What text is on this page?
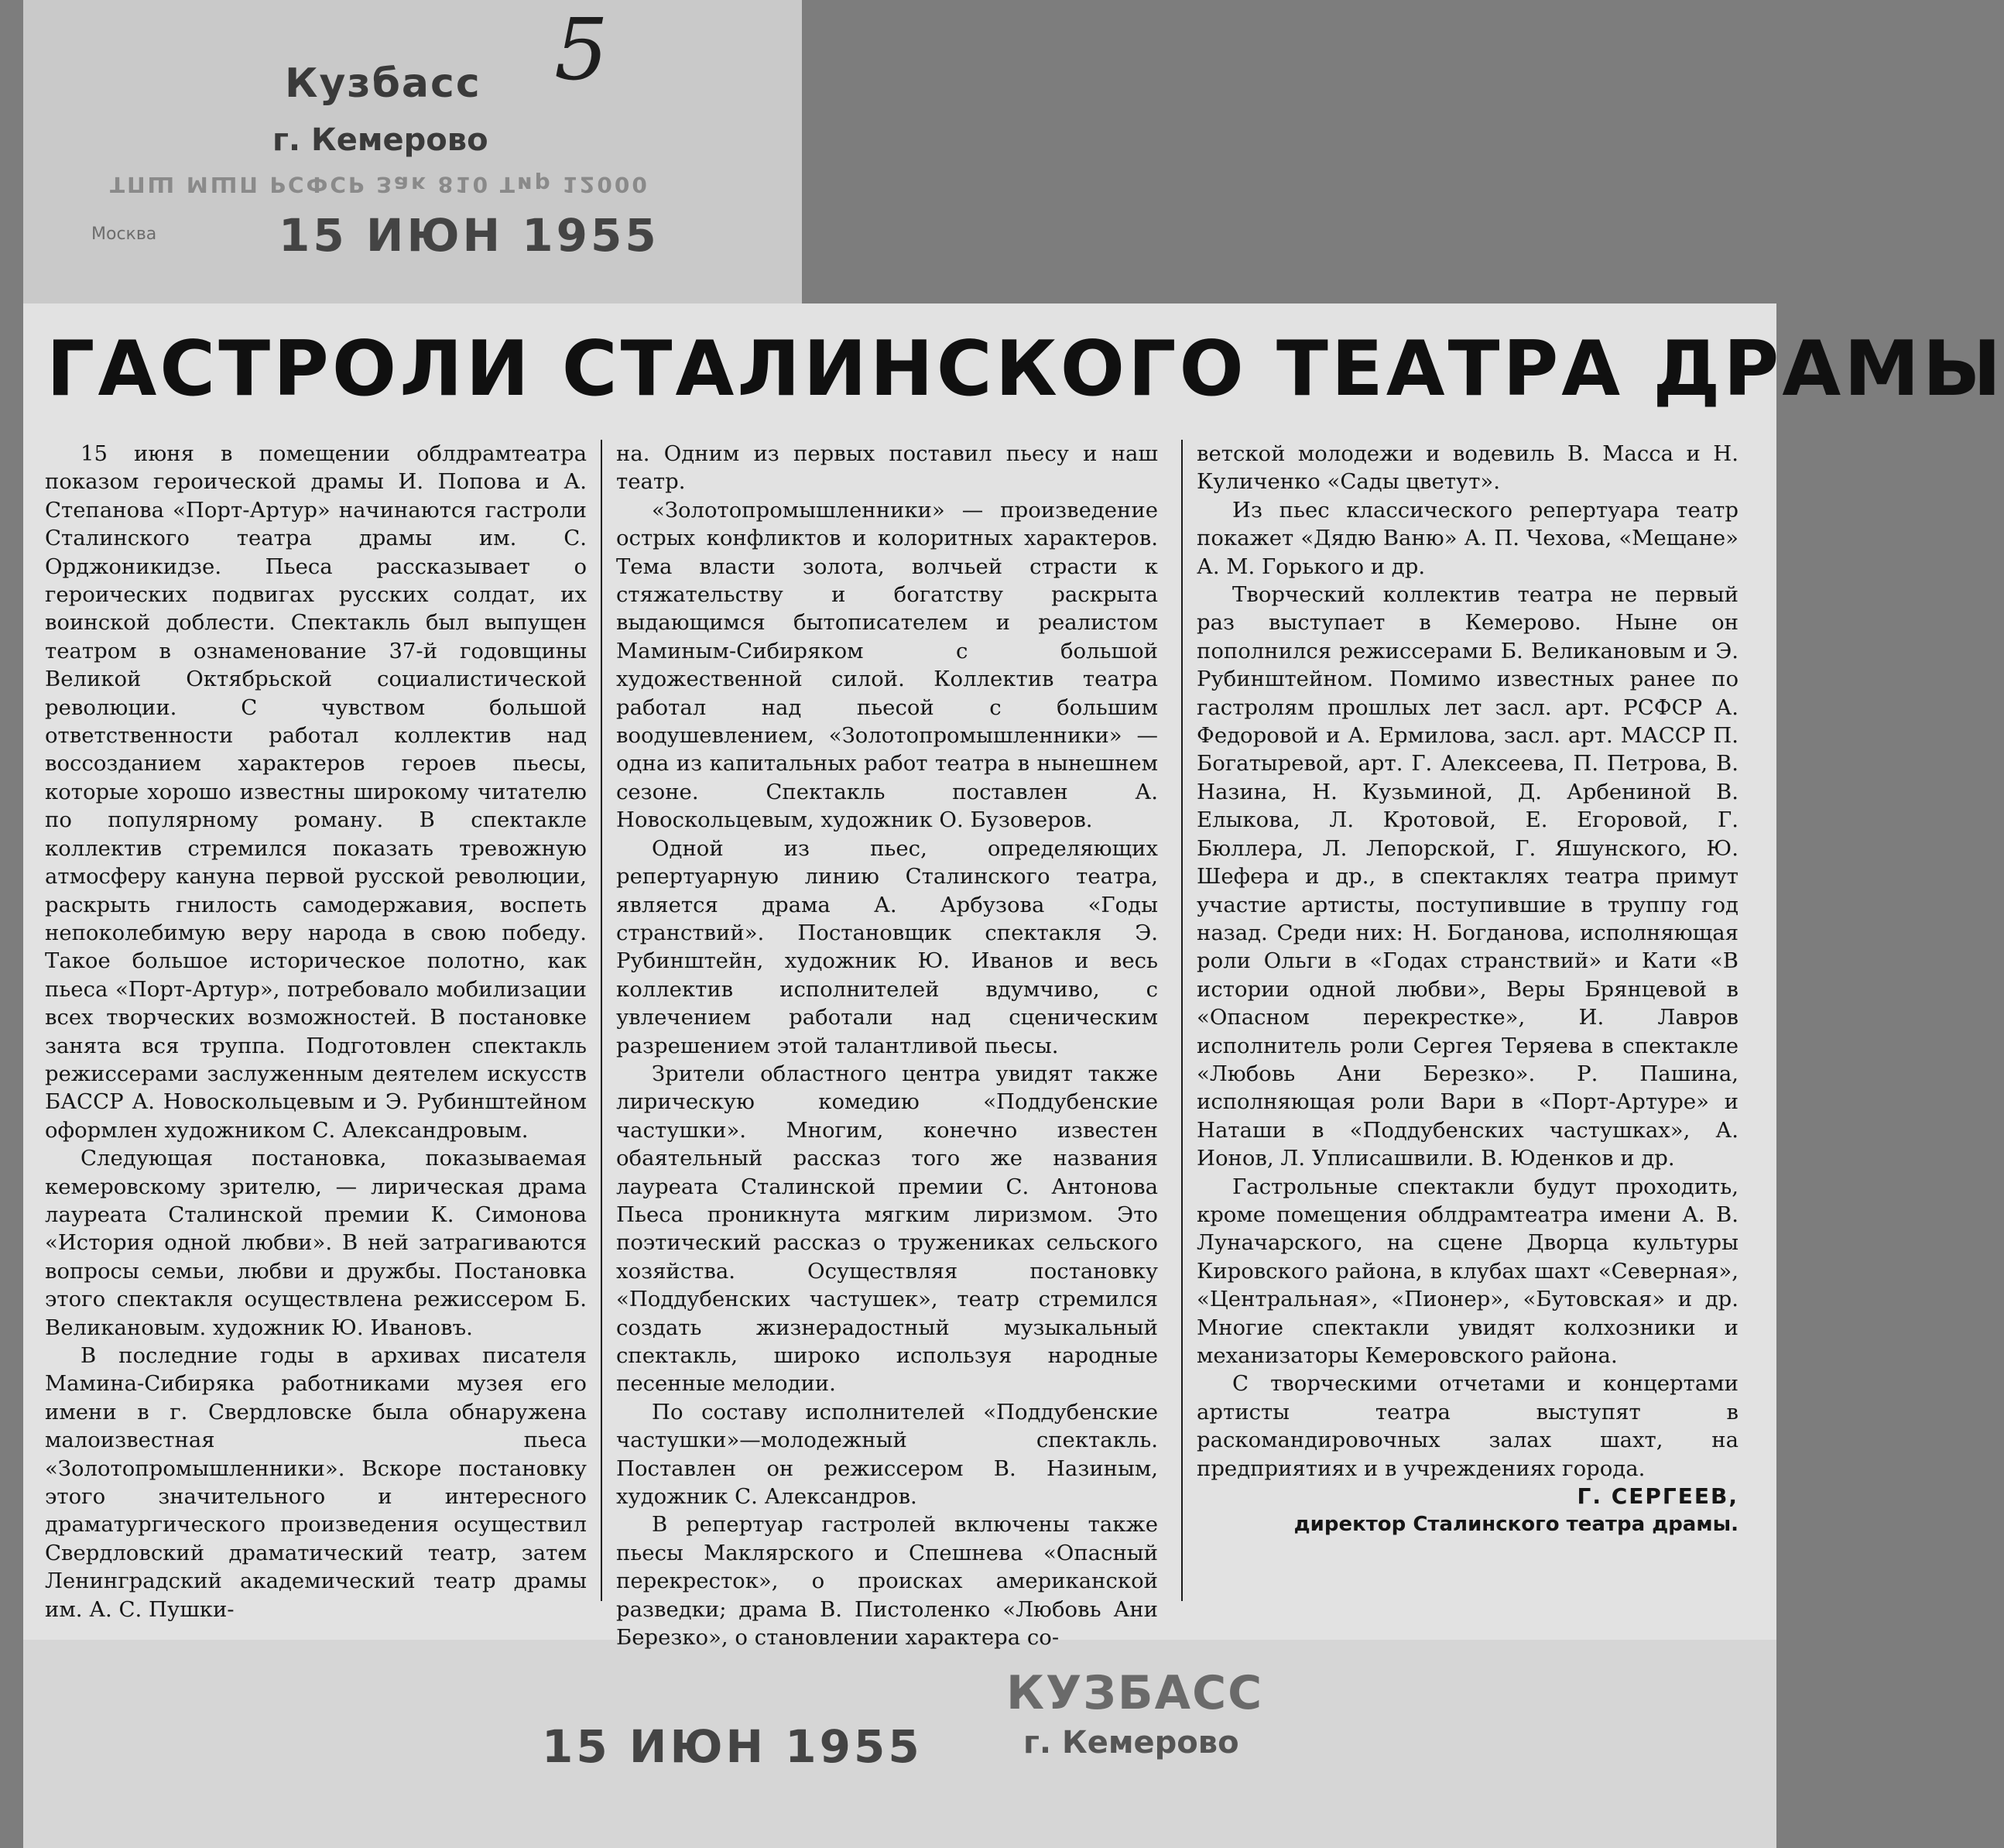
Кузбасс
г. Кемерово
5
ТПШ МШП РСФСР Зак 810 Тир 12000
Москва	15 ИЮН 1955
ГАСТРОЛИ СТАЛИНСКОГО ТЕАТРА ДРАМЫ

15 июня в помещении облдрамтеатра показом героической драмы И. Попова и А. Степанова «Порт-Артур» начинаются гастроли Сталинского театра драмы им. С. Орджоникидзе. Пьеса рассказывает о героических подвигах русских солдат, их воинской доблести. Спектакль был выпущен театром в ознаменование 37-й годовщины Великой Октябрьской социалистической революции. С чувством большой ответственности работал коллектив над воссозданием характеров героев пьесы, которые хорошо известны широкому читателю по популярному роману. В спектакле коллектив стремился показать тревожную атмосферу кануна первой русской революции, раскрыть гнилость самодержавия, воспеть непоколебимую веру народа в свою победу. Такое большое историческое полотно, как пьеса «Порт-Артур», потребовало мобилизации всех творческих возможностей. В постановке занята вся труппа. Подготовлен спектакль режиссерами заслуженным деятелем искусств БАССР А. Новоскольцевым и Э. Рубинштейном оформлен художником С. Александровым.

Следующая постановка, показываемая кемеровскому зрителю, — лирическая драма лауреата Сталинской премии К. Симонова «История одной любви». В ней затрагиваются вопросы семьи, любви и дружбы. Постановка этого спектакля осуществлена режиссером Б. Великановым. художник Ю. Ивановъ.

В последние годы в архивах писателя Мамина-Сибиряка работниками музея его имени в г. Свердловске была обнаружена малоизвестная пьеса «Золотопромышленники». Вскоре постановку этого значительного и интересного драматургического произведения осуществил Свердловский драматический театр, затем Ленинградский академический театр драмы им. А. С. Пушки-

на. Одним из первых поставил пьесу и наш театр.

«Золотопромышленники» — произведение острых конфликтов и колоритных характеров. Тема власти золота, волчьей страсти к стяжательству и богатству раскрыта выдающимся бытописателем и реалистом Маминым-Сибиряком с большой художественной силой. Коллектив театра работал над пьесой с большим воодушевлением, «Золотопромышленники» — одна из капитальных работ театра в нынешнем сезоне. Спектакль поставлен А. Новоскольцевым, художник О. Бузоверов.

Одной из пьес, определяющих репертуарную линию Сталинского театра, является драма А. Арбузова «Годы странствий». Постановщик спектакля Э. Рубинштейн, художник Ю. Иванов и весь коллектив исполнителей вдумчиво, с увлечением работали над сценическим разрешением этой талантливой пьесы.

Зрители областного центра увидят также лирическую комедию «Поддубенские частушки». Многим, конечно известен обаятельный рассказ того же названия лауреата Сталинской премии С. Антонова Пьеса проникнута мягким лиризмом. Это поэтический рассказ о тружениках сельского хозяйства. Осуществляя постановку «Поддубенских частушек», театр стремился создать жизнерадостный музыкальный спектакль, широко используя народные песенные мелодии.

По составу исполнителей «Поддубенские частушки»—молодежный спектакль. Поставлен он режиссером В. Назиным, художник С. Александров.

В репертуар гастролей включены также пьесы Маклярского и Спешнева «Опасный перекресток», о происках американской разведки; драма В. Пистоленко «Любовь Ани Березко», о становлении характера со-

ветской молодежи и водевиль В. Масса и Н. Куличенко «Сады цветут».

Из пьес классического репертуара театр покажет «Дядю Ваню» А. П. Чехова, «Мещане» А. М. Горького и др.

Творческий коллектив театра не первый раз выступает в Кемерово. Ныне он пополнился режиссерами Б. Великановым и Э. Рубинштейном. Помимо известных ранее по гастролям прошлых лет засл. арт. РСФСР А. Федоровой и А. Ермилова, засл. арт. МАССР П. Богатыревой, арт. Г. Алексеева, П. Петрова, В. Назина, Н. Кузьминой, Д. Арбениной В. Елыкова, Л. Кротовой, Е. Егоровой, Г. Бюллера, Л. Лепорской, Г. Яшунского, Ю. Шефера и др., в спектаклях театра примут участие артисты, поступившие в труппу год назад. Среди них: Н. Богданова, исполняющая роли Ольги в «Годах странствий» и Кати «В истории одной любви», Веры Брянцевой в «Опасном перекрестке», И. Лавров исполнитель роли Сергея Теряева в спектакле «Любовь Ани Березко». Р. Пашина, исполняющая роли Вари в «Порт-Артуре» и Наташи в «Поддубенских частушках», А. Ионов, Л. Уплисашвили. В. Юденков и др.

Гастрольные спектакли будут проходить, кроме помещения облдрамтеатра имени А. В. Луначарского, на сцене Дворца культуры Кировского района, в клубах шахт «Северная», «Центральная», «Пионер», «Бутовская» и др. Многие спектакли увидят колхозники и механизаторы Кемеровского района.

С творческими отчетами и концертами артисты театра выступят в раскомандировочных залах шахт, на предприятиях и в учреждениях города.

Г. СЕРГЕЕВ,

директор Сталинского театра драмы.

15 ИЮН 1955
КУЗБАСС
г. Кемерово
